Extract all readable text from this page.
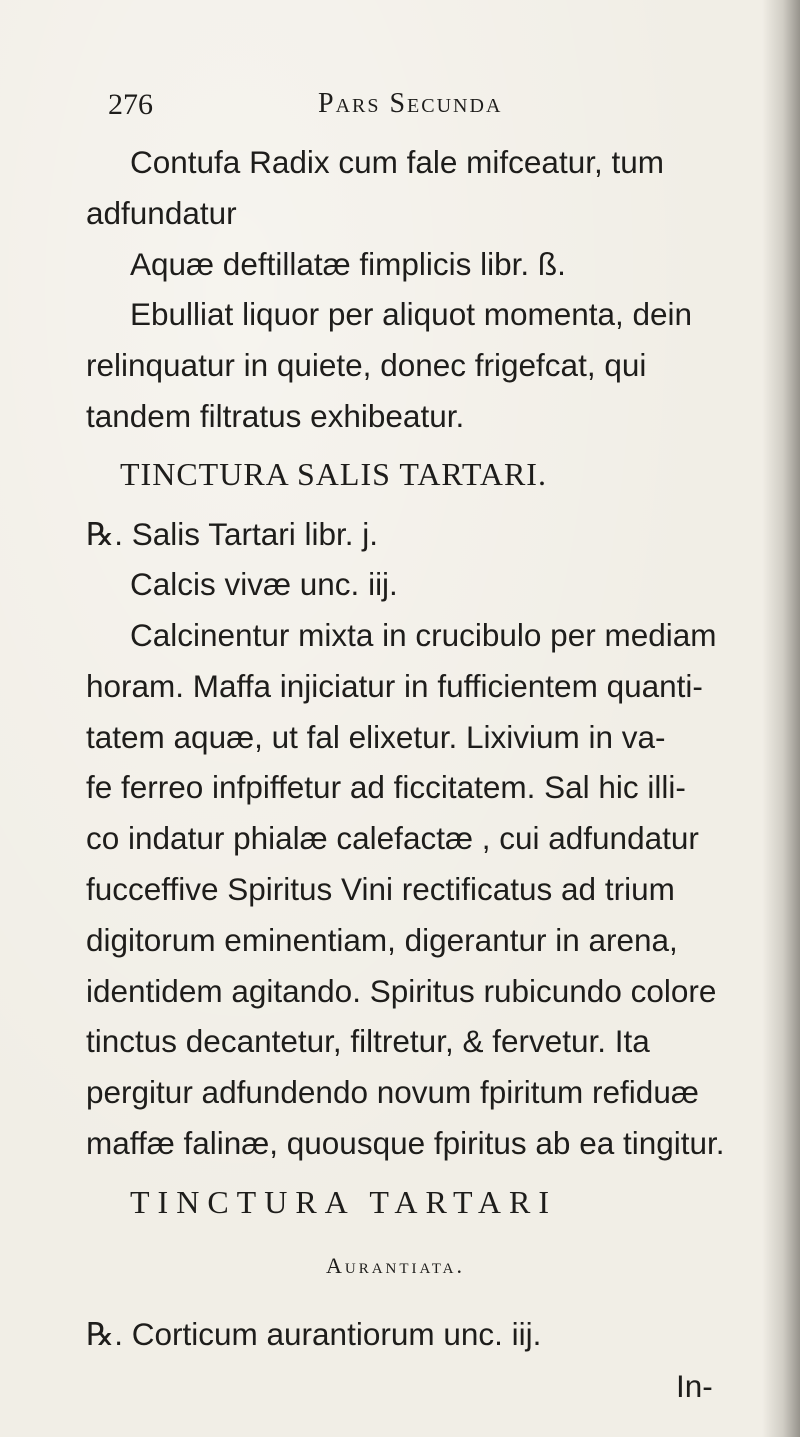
276	Pars Secunda
Contufa Radix cum fale mifceatur, tum
adfundatur
Aquæ deftillatæ fimplicis libr. ß.
Ebulliat liquor per aliquot momenta, dein
relinquatur in quiete, donec frigefcat, qui
tandem filtratus exhibeatur.
TINCTURA SALIS TARTARI.
℞. Salis Tartari libr. j.
Calcis vivæ unc. iij.
Calcinentur mixta in crucibulo per mediam
horam. Maffa injiciatur in fufficientem quanti-
tatem aquæ, ut fal elixetur. Lixivium in va-
fe ferreo infpiffetur ad ficcitatem. Sal hic illi-
co indatur phialæ calefactæ , cui adfundatur
fucceffive Spiritus Vini rectificatus ad trium
digitorum eminentiam, digerantur in arena,
identidem agitando. Spiritus rubicundo colore
tinctus decantetur, filtretur, & fervetur. Ita
pergitur adfundendo novum fpiritum refiduæ
maffæ falinæ, quousque fpiritus ab ea tingitur.
TINCTURA TARTARI
Aurantiata.
℞. Corticum aurantiorum unc. iij.
In-
